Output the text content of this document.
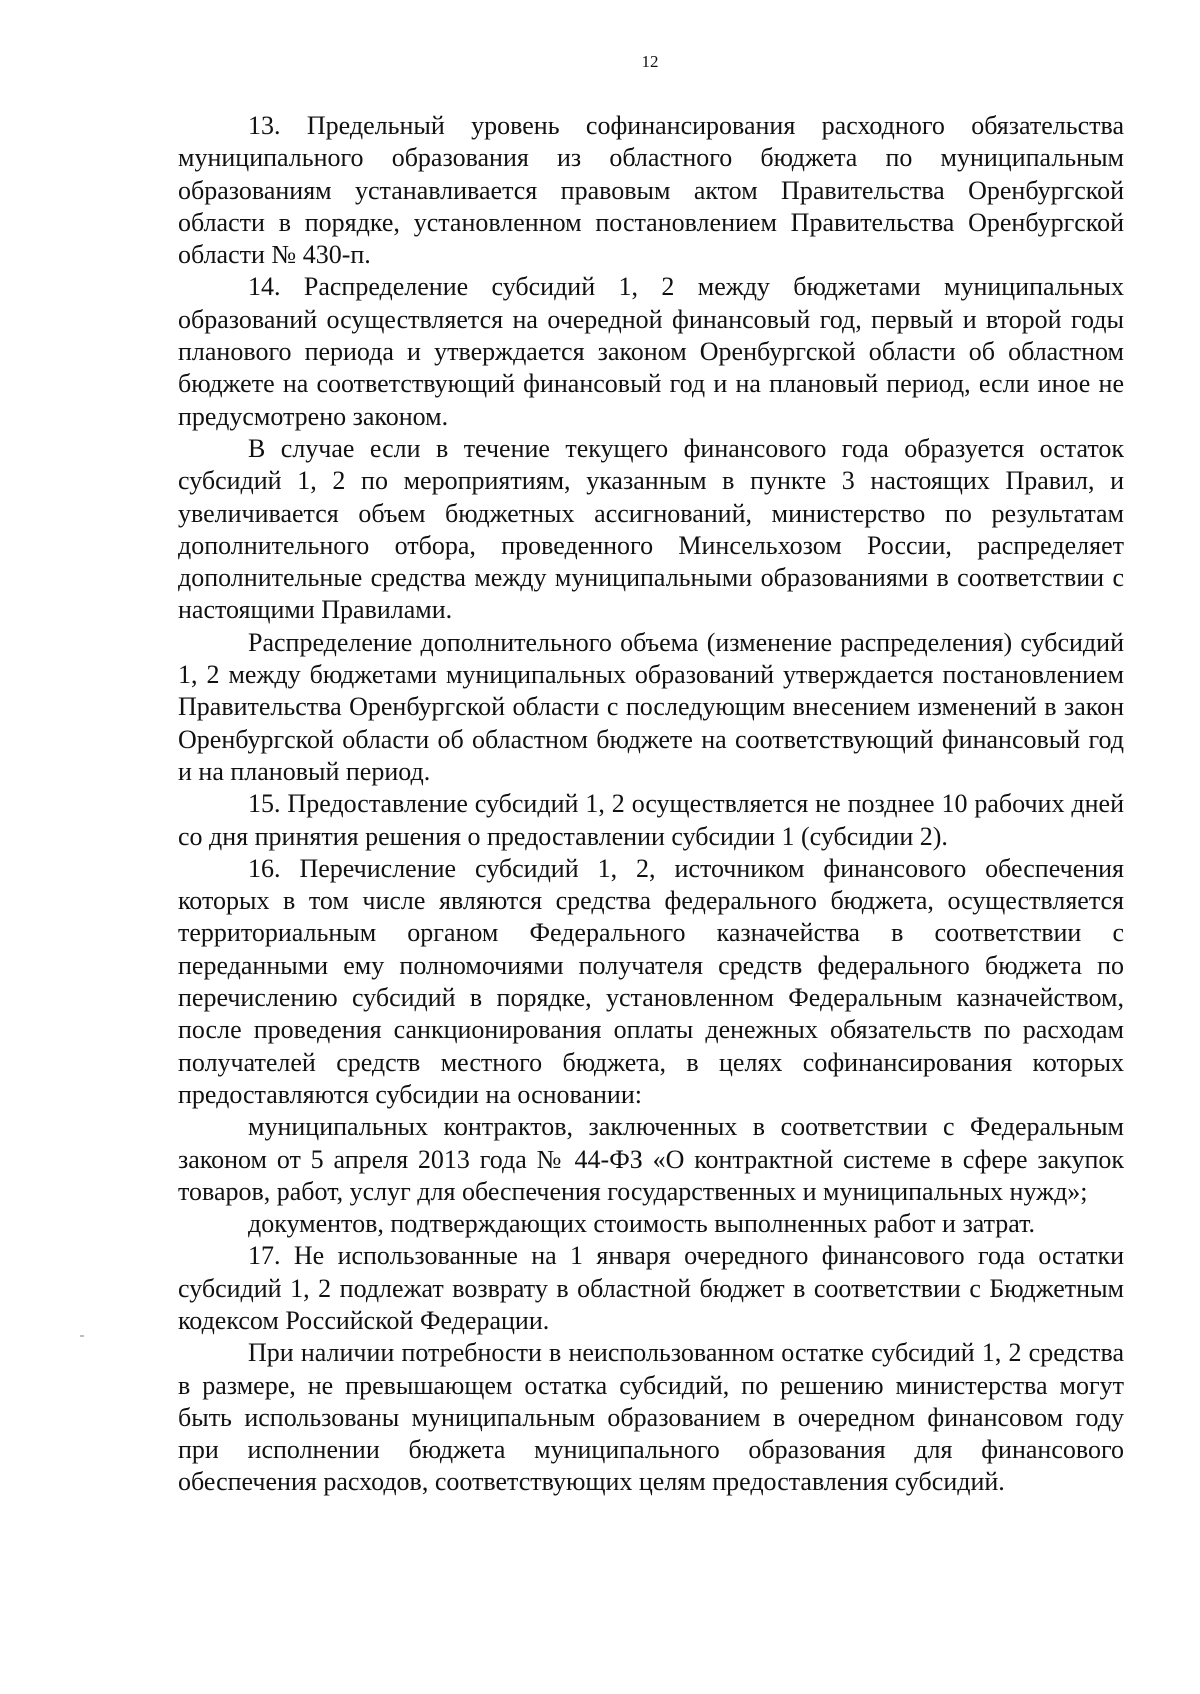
12

13. Предельный уровень софинансирования расходного обязательства муниципального образования из областного бюджета по муниципальным образованиям устанавливается правовым актом Правительства Оренбургской области в порядке, установленном постановлением Правительства Оренбургской области № 430-п.

14. Распределение субсидий 1, 2 между бюджетами муниципальных образований осуществляется на очередной финансовый год, первый и второй годы планового периода и утверждается законом Оренбургской области об областном бюджете на соответствующий финансовый год и на плановый период, если иное не предусмотрено законом.

В случае если в течение текущего финансового года образуется остаток субсидий 1, 2 по мероприятиям, указанным в пункте 3 настоящих Правил, и увеличивается объем бюджетных ассигнований, министерство по результатам дополнительного отбора, проведенного Минсельхозом России, распределяет дополнительные средства между муниципальными образованиями в соответствии с настоящими Правилами.

Распределение дополнительного объема (изменение распределения) субсидий 1, 2 между бюджетами муниципальных образований утверждается постановлением Правительства Оренбургской области с последующим внесением изменений в закон Оренбургской области об областном бюджете на соответствующий финансовый год и на плановый период.

15. Предоставление субсидий 1, 2 осуществляется не позднее 10 рабочих дней со дня принятия решения о предоставлении субсидии 1 (субсидии 2).

16. Перечисление субсидий 1, 2, источником финансового обеспечения которых в том числе являются средства федерального бюджета, осуществляется территориальным органом Федерального казначейства в соответствии с переданными ему полномочиями получателя средств федерального бюджета по перечислению субсидий в порядке, установленном Федеральным казначейством, после проведения санкционирования оплаты денежных обязательств по расходам получателей средств местного бюджета, в целях софинансирования которых предоставляются субсидии на основании:

муниципальных контрактов, заключенных в соответствии с Федеральным законом от 5 апреля 2013 года № 44-ФЗ «О контрактной системе в сфере закупок товаров, работ, услуг для обеспечения государственных и муниципальных нужд»;

документов, подтверждающих стоимость выполненных работ и затрат.

17. Не использованные на 1 января очередного финансового года остатки субсидий 1, 2 подлежат возврату в областной бюджет в соответствии с Бюджетным кодексом Российской Федерации.

При наличии потребности в неиспользованном остатке субсидий 1, 2 средства в размере, не превышающем остатка субсидий, по решению министерства могут быть использованы муниципальным образованием в очередном финансовом году при исполнении бюджета муниципального образования для финансового обеспечения расходов, соответствующих целям предоставления субсидий.
